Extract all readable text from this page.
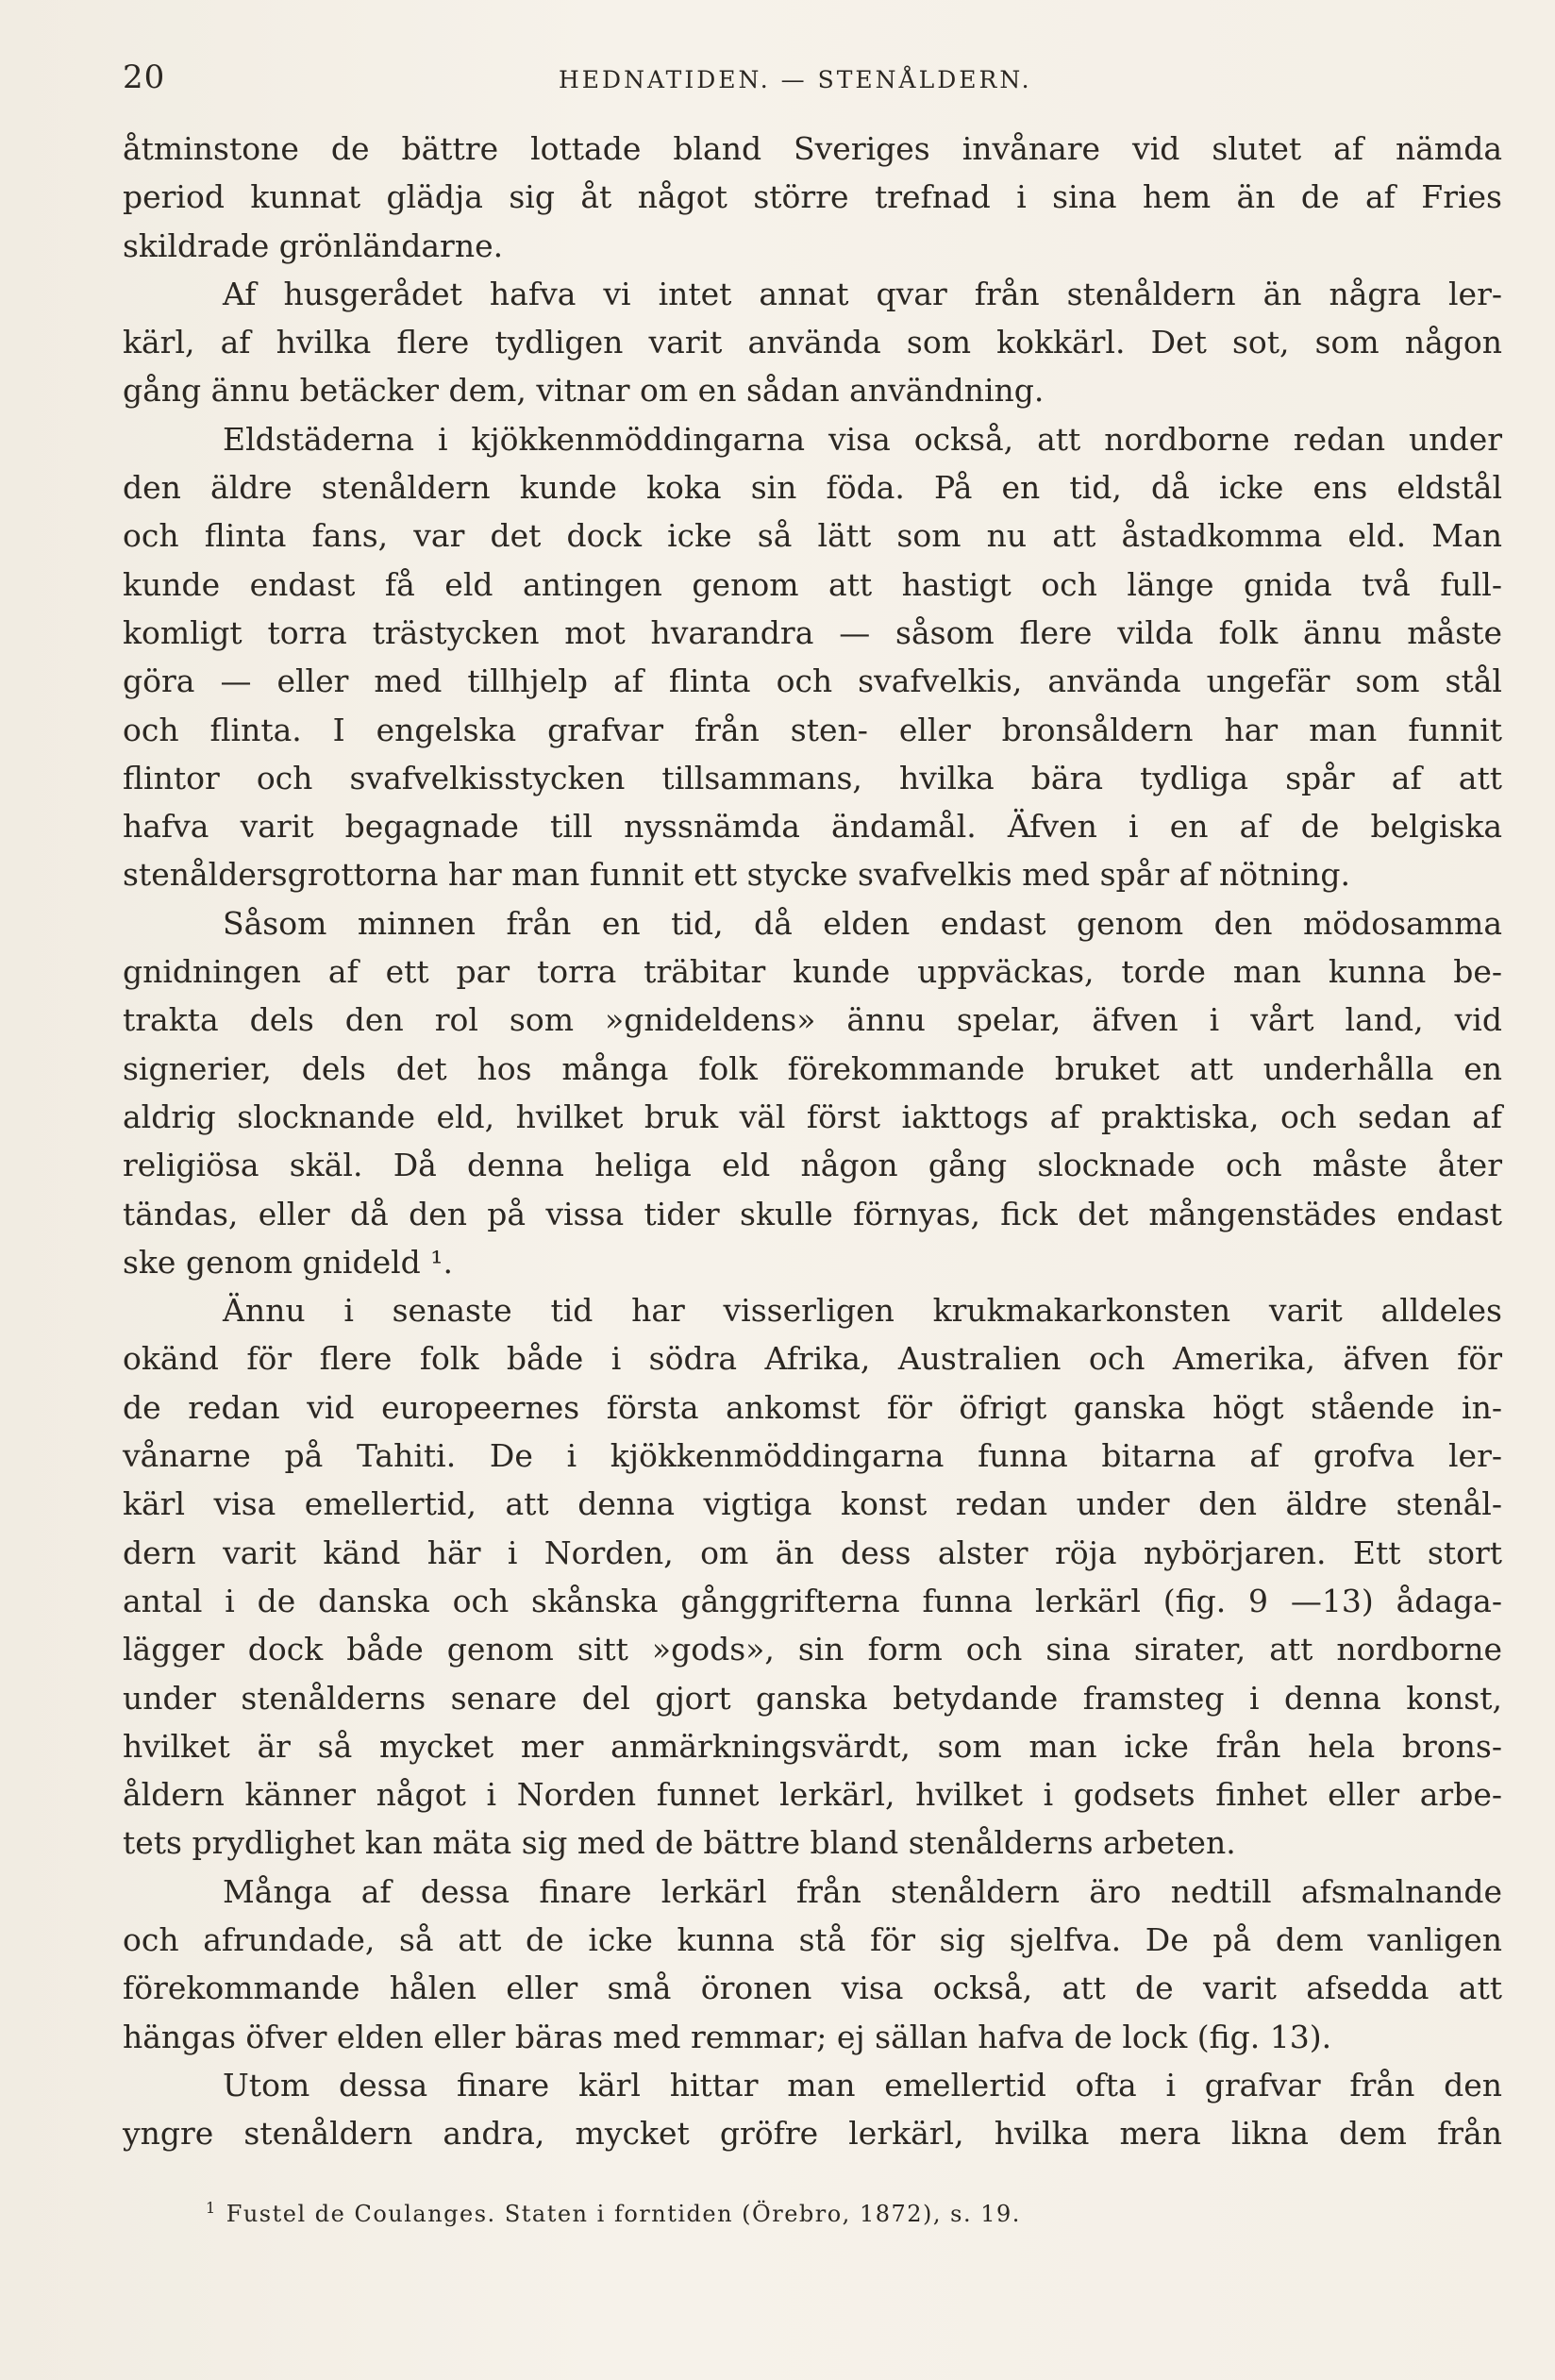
20	HEDNATIDEN. — STENÅLDERN.

åtminstone de bättre lottade bland Sveriges invånare vid slutet af nämda

period kunnat glädja sig åt något större trefnad i sina hem än de af Fries

skildrade grönländarne.

Af husgerådet hafva vi intet annat qvar från stenåldern än några ler-

kärl, af hvilka flere tydligen varit använda som kokkärl. Det sot, som någon

gång ännu betäcker dem, vitnar om en sådan användning.

Eldstäderna i kjökkenmöddingarna visa också, att nordborne redan under

den äldre stenåldern kunde koka sin föda. På en tid, då icke ens eldstål

och flinta fans, var det dock icke så lätt som nu att åstadkomma eld. Man

kunde endast få eld antingen genom att hastigt och länge gnida två full-

komligt torra trästycken mot hvarandra — såsom flere vilda folk ännu måste

göra — eller med tillhjelp af flinta och svafvelkis, använda ungefär som stål

och flinta. I engelska grafvar från sten- eller bronsåldern har man funnit

flintor och svafvelkisstycken tillsammans, hvilka bära tydliga spår af att

hafva varit begagnade till nyssnämda ändamål. Äfven i en af de belgiska

stenåldersgrottorna har man funnit ett stycke svafvelkis med spår af nötning.

Såsom minnen från en tid, då elden endast genom den mödosamma

gnidningen af ett par torra träbitar kunde uppväckas, torde man kunna be-

trakta dels den rol som »gnideldens» ännu spelar, äfven i vårt land, vid

signerier, dels det hos många folk förekommande bruket att underhålla en

aldrig slocknande eld, hvilket bruk väl först iakttogs af praktiska, och sedan af

religiösa skäl. Då denna heliga eld någon gång slocknade och måste åter

tändas, eller då den på vissa tider skulle förnyas, fick det mångenstädes endast

ske genom gnideld ¹.

Ännu i senaste tid har visserligen krukmakarkonsten varit alldeles

okänd för flere folk både i södra Afrika, Australien och Amerika, äfven för

de redan vid europeernes första ankomst för öfrigt ganska högt stående in-

vånarne på Tahiti. De i kjökkenmöddingarna funna bitarna af grofva ler-

kärl visa emellertid, att denna vigtiga konst redan under den äldre stenål-

dern varit känd här i Norden, om än dess alster röja nybörjaren. Ett stort

antal i de danska och skånska gånggrifterna funna lerkärl (fig. 9 —13) ådaga-

lägger dock både genom sitt »gods», sin form och sina sirater, att nordborne

under stenålderns senare del gjort ganska betydande framsteg i denna konst,

hvilket är så mycket mer anmärkningsvärdt, som man icke från hela brons-

åldern känner något i Norden funnet lerkärl, hvilket i godsets finhet eller arbe-

tets prydlighet kan mäta sig med de bättre bland stenålderns arbeten.

Många af dessa finare lerkärl från stenåldern äro nedtill afsmalnande

och afrundade, så att de icke kunna stå för sig sjelfva. De på dem vanligen

förekommande hålen eller små öronen visa också, att de varit afsedda att

hängas öfver elden eller bäras med remmar; ej sällan hafva de lock (fig. 13).

Utom dessa finare kärl hittar man emellertid ofta i grafvar från den

yngre stenåldern andra, mycket gröfre lerkärl, hvilka mera likna dem från

$^1$ Fustel de Coulanges. Staten i forntiden (Örebro, 1872), s. 19.
